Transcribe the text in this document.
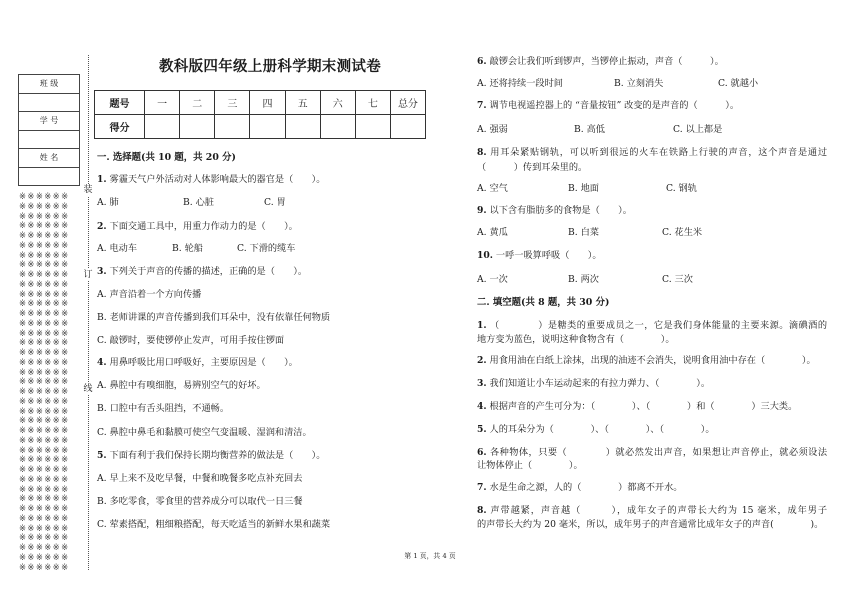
班 级

学 号

姓 名

※※※※※※
※※※※※※
※※※※※※
※※※※※※
※※※※※※
※※※※※※
※※※※※※
※※※※※※
※※※※※※
※※※※※※
※※※※※※
※※※※※※
※※※※※※
※※※※※※
※※※※※※
※※※※※※
※※※※※※
※※※※※※
※※※※※※
※※※※※※
※※※※※※
※※※※※※
※※※※※※
※※※※※※
※※※※※※
※※※※※※
※※※※※※
※※※※※※
※※※※※※
※※※※※※
※※※※※※
※※※※※※
※※※※※※
※※※※※※
※※※※※※
※※※※※※
※※※※※※
※※※※※※
※※※※※※
装
订
线
教科版四年级上册科学期末测试卷
题号	一	二	三	四	五	六	七	总分
得分								
一. 选择题(共 10 题，共 20 分)
1. 雾霾天气户外活动对人体影响最大的器官是（　　）。
A. 肺	B. 心脏	C. 胃
2. 下面交通工具中，用重力作动力的是（　　）。
A. 电动车	B. 轮船	C. 下滑的缆车
3. 下列关于声音的传播的描述，正确的是（　　）。
A. 声音沿着一个方向传播
B. 老师讲课的声音传播到我们耳朵中，没有依靠任何物质
C. 敲锣时，要使锣停止发声，可用手按住锣面
4. 用鼻呼吸比用口呼吸好，主要原因是（　　）。
A. 鼻腔中有嗅细胞，易辨别空气的好坏。
B. 口腔中有舌头阻挡，不通畅。
C. 鼻腔中鼻毛和黏膜可使空气变温暖、湿润和清洁。
5. 下面有利于我们保持长期均衡营养的做法是（　　）。
A. 早上来不及吃早餐，中餐和晚餐多吃点补充回去
B. 多吃零食，零食里的营养成分可以取代一日三餐
C. 荤素搭配，粗细粮搭配，每天吃适当的新鲜水果和蔬菜
6. 敲锣会让我们听到锣声，当锣停止振动，声音（　　　）。
A. 还将持续一段时间	B. 立刻消失	C. 就越小
7. 调节电视遥控器上的 “音量按钮” 改变的是声音的（　　　）。
A. 强弱	B. 高低	C. 以上都是
8. 用耳朵紧贴钢轨，可以听到很远的火车在铁路上行驶的声音，这个声音是通过
（　　　）传到耳朵里的。
A. 空气	B. 地面	C. 钢轨
9. 以下含有脂肪多的食物是（　　）。
A. 黄瓜	B. 白菜	C. 花生米
10. 一呼一吸算呼吸（　　）。
A. 一次	B. 两次	C. 三次
二. 填空题(共 8 题，共 30 分)
1. （　　　　）是糖类的重要成员之一，它是我们身体能量的主要来源。滴碘酒的
地方变为蓝色，说明这种食物含有（　　　　）。
2. 用食用油在白纸上涂抹，出现的油迹不会消失，说明食用油中存在（　　　　）。
3. 我们知道让小车运动起来的有拉力弹力、（　　　　）。
4. 根据声音的产生可分为：（　　　　）、（　　　　）和（　　　　）三大类。
5. 人的耳朵分为（　　　　）、（　　　　）、（　　　　）。
6. 各种物体，只要（　　　　）就必然发出声音，如果想让声音停止，就必须设法
让物体停止（　　　　）。
7. 水是生命之源，人的（　　　　）都离不开水。
8. 声带越紧，声音越（　　　），成年女子的声带长大约为 15 毫米，成年男子
的声带长大约为 20 毫米，所以，成年男子的声音通常比成年女子的声音(　　　　)。
第 1 页，共 4 页
